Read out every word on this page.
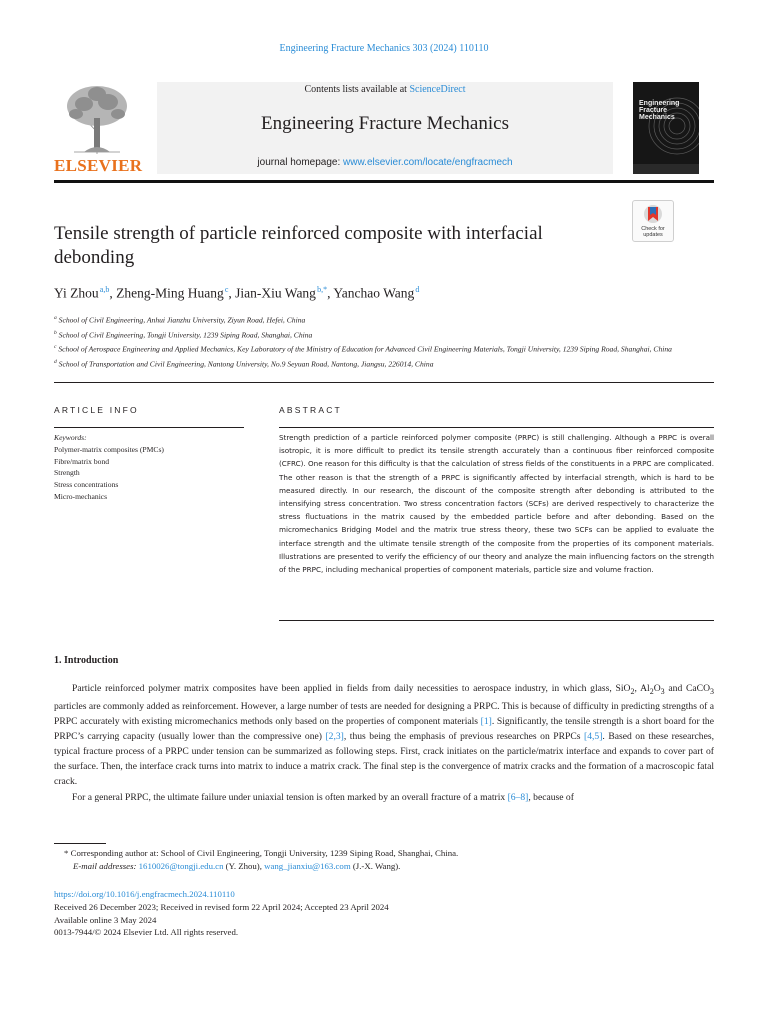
Engineering Fracture Mechanics 303 (2024) 110110
ELSEVIER
Contents lists available at ScienceDirect
Engineering Fracture Mechanics
journal homepage: www.elsevier.com/locate/engfracmech
Engineering Fracture Mechanics
Check for updates
Tensile strength of particle reinforced composite with interfacial debonding
Yi Zhou $^{a,b}$, Zheng-Ming Huang $^c$, Jian-Xiu Wang $^{b,*}$, Yanchao Wang $^d$
$^a$ School of Civil Engineering, Anhui Jianzhu University, Ziyun Road, Hefei, China
$^b$ School of Civil Engineering, Tongji University, 1239 Siping Road, Shanghai, China
$^c$ School of Aerospace Engineering and Applied Mechanics, Key Laboratory of the Ministry of Education for Advanced Civil Engineering Materials, Tongji University, 1239 Siping Road, Shanghai, China
$^d$ School of Transportation and Civil Engineering, Nantong University, No.9 Seyuan Road, Nantong, Jiangsu, 226014, China
ARTICLE INFO
Keywords:
Polymer-matrix composites (PMCs)
Fibre/matrix bond
Strength
Stress concentrations
Micro-mechanics
ABSTRACT
Strength prediction of a particle reinforced polymer composite (PRPC) is still challenging. Although a PRPC is overall isotropic, it is more difficult to predict its tensile strength accurately than a continuous fiber reinforced composite (CFRC). One reason for this difficulty is that the calculation of stress fields of the constituents in a PRPC are complicated. The other reason is that the strength of a PRPC is significantly affected by interfacial strength, which is hard to be measured directly. In our research, the discount of the composite strength after debonding is attributed to the intensifying stress concentration. Two stress concentration factors (SCFs) are derived respectively to characterize the stress fluctuations in the matrix caused by the embedded particle before and after debonding. Based on the micromechanics Bridging Model and the matrix true stress theory, these two SCFs can be applied to evaluate the interface strength and the ultimate tensile strength of the composite from the properties of its component materials. Illustrations are presented to verify the efficiency of our theory and analyze the main influencing factors on the strength of the PRPC, including mechanical properties of component materials, particle size and volume fraction.
1. Introduction

Particle reinforced polymer matrix composites have been applied in fields from daily necessities to aerospace industry, in which glass, SiO$_2$, $Al_2O_3$ and CaCO$_3$ particles are commonly added as reinforcement. However, a large number of tests are needed for designing a PRPC. This is because of difficulty in predicting strengths of a PRPC accurately with existing micromechanics methods only based on the properties of component materials [1]. Significantly, the tensile strength is a short board for the PRPC’s carrying capacity (usually lower than the compressive one) [2,3], thus being the emphasis of previous researches on PRPCs [4,5]. Based on these researches, typical fracture process of a PRPC under tension can be summarized as following steps. First, crack initiates on the particle/matrix interface and expands to cover part of the surface. Then, the interface crack turns into matrix to induce a matrix crack. The final step is the convergence of matrix cracks and the formation of a macroscopic fatal crack.

For a general PRPC, the ultimate failure under uniaxial tension is often marked by an overall fracture of a matrix [6–8], because of

* Corresponding author at: School of Civil Engineering, Tongji University, 1239 Siping Road, Shanghai, China.
E-mail addresses: 1610026@tongji.edu.cn (Y. Zhou), wang_jianxiu@163.com (J.-X. Wang).
https://doi.org/10.1016/j.engfracmech.2024.110110
Received 26 December 2023; Received in revised form 22 April 2024; Accepted 23 April 2024
Available online 3 May 2024
0013-7944/© 2024 Elsevier Ltd. All rights reserved.
